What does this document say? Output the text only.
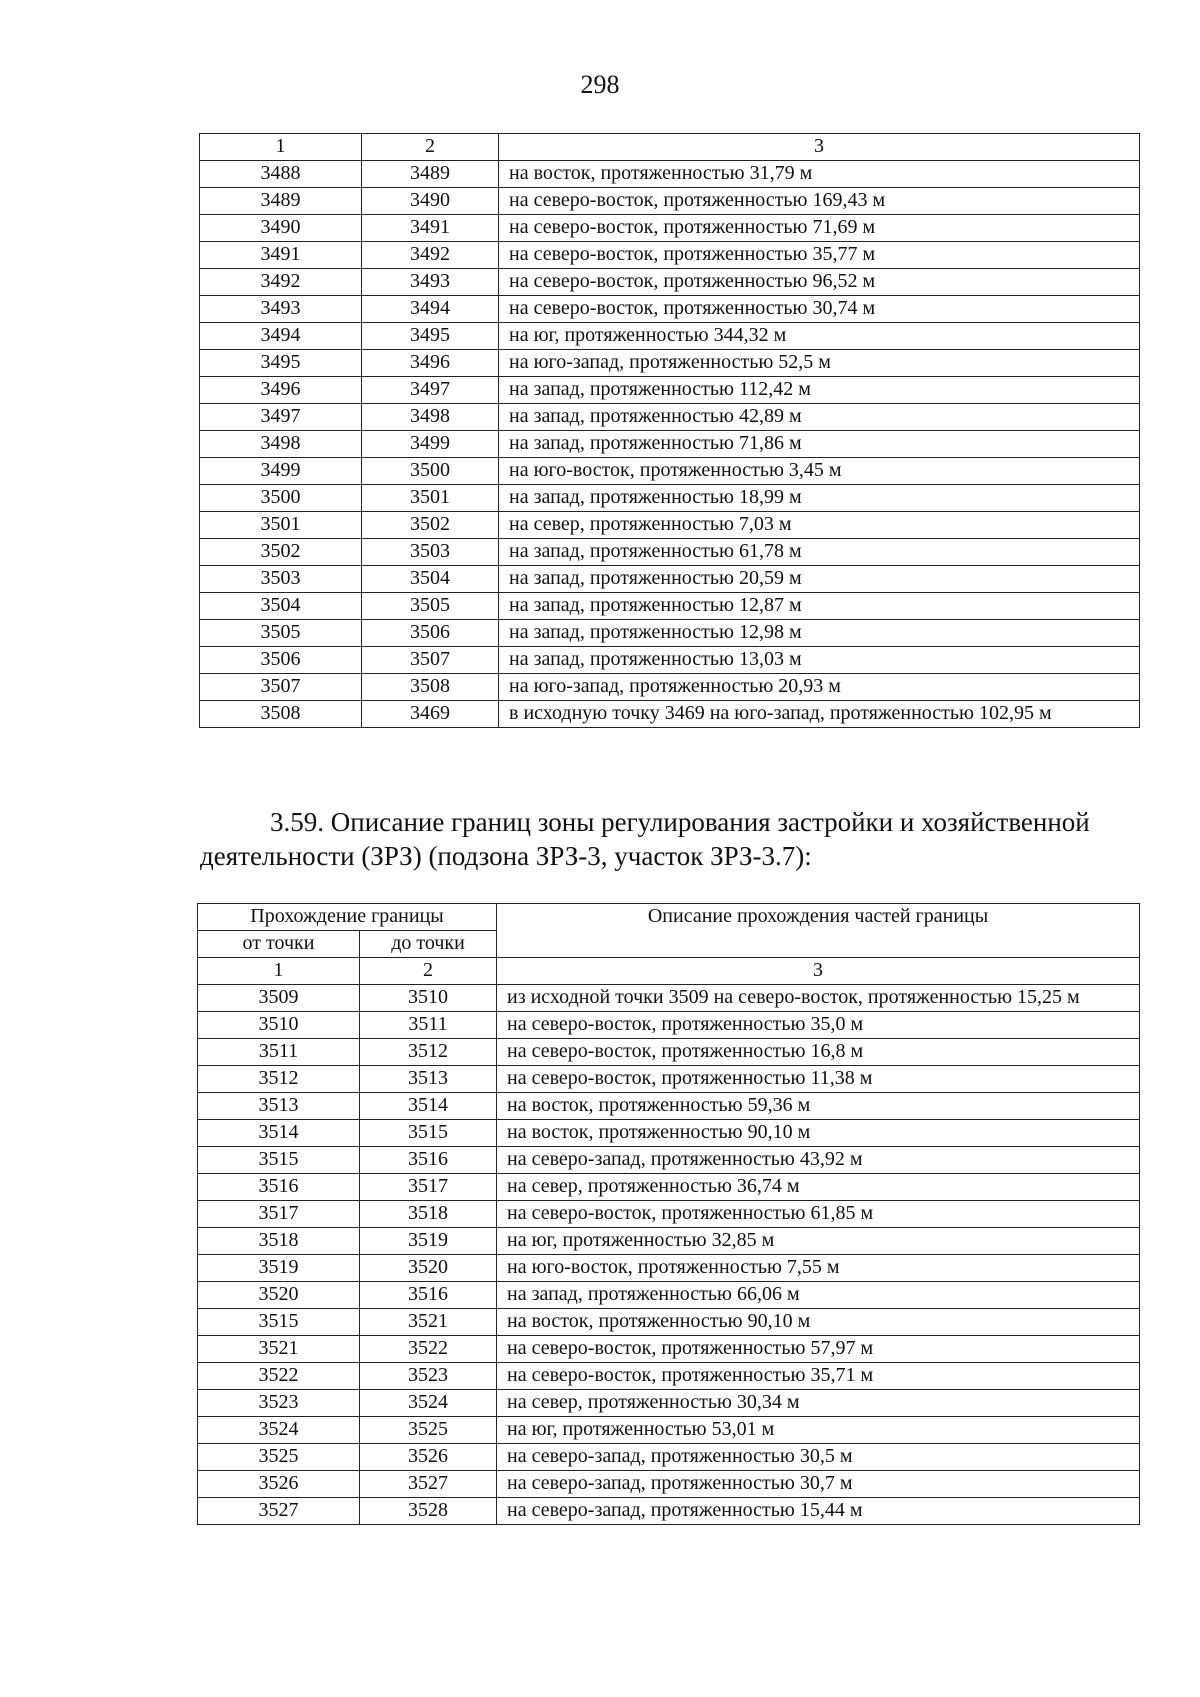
298
1	2	3
3488	3489	на восток, протяженностью 31,79 м
3489	3490	на северо-восток, протяженностью 169,43 м
3490	3491	на северо-восток, протяженностью 71,69 м
3491	3492	на северо-восток, протяженностью 35,77 м
3492	3493	на северо-восток, протяженностью 96,52 м
3493	3494	на северо-восток, протяженностью 30,74 м
3494	3495	на юг, протяженностью 344,32 м
3495	3496	на юго-запад, протяженностью 52,5 м
3496	3497	на запад, протяженностью 112,42 м
3497	3498	на запад, протяженностью 42,89 м
3498	3499	на запад, протяженностью 71,86 м
3499	3500	на юго-восток, протяженностью 3,45 м
3500	3501	на запад, протяженностью 18,99 м
3501	3502	на север, протяженностью 7,03 м
3502	3503	на запад, протяженностью 61,78 м
3503	3504	на запад, протяженностью 20,59 м
3504	3505	на запад, протяженностью 12,87 м
3505	3506	на запад, протяженностью 12,98 м
3506	3507	на запад, протяженностью 13,03 м
3507	3508	на юго-запад, протяженностью 20,93 м
3508	3469	в исходную точку 3469 на юго-запад, протяженностью 102,95 м
3.59. Описание границ зоны регулирования застройки и хозяйственной
деятельности (ЗРЗ) (подзона ЗРЗ-3, участок ЗРЗ-3.7):
Прохождение границы		Описание прохождения частей границы
от точки	до точки	
1	2	3
3509	3510	из исходной точки 3509 на северо-восток, протяженностью 15,25 м
3510	3511	на северо-восток, протяженностью 35,0 м
3511	3512	на северо-восток, протяженностью 16,8 м
3512	3513	на северо-восток, протяженностью 11,38 м
3513	3514	на восток, протяженностью 59,36 м
3514	3515	на восток, протяженностью 90,10 м
3515	3516	на северо-запад, протяженностью 43,92 м
3516	3517	на север, протяженностью 36,74 м
3517	3518	на северо-восток, протяженностью 61,85 м
3518	3519	на юг, протяженностью 32,85 м
3519	3520	на юго-восток, протяженностью 7,55 м
3520	3516	на запад, протяженностью 66,06 м
3515	3521	на восток, протяженностью 90,10 м
3521	3522	на северо-восток, протяженностью 57,97 м
3522	3523	на северо-восток, протяженностью 35,71 м
3523	3524	на север, протяженностью 30,34 м
3524	3525	на юг, протяженностью 53,01 м
3525	3526	на северо-запад, протяженностью 30,5 м
3526	3527	на северо-запад, протяженностью 30,7 м
3527	3528	на северо-запад, протяженностью 15,44 м
